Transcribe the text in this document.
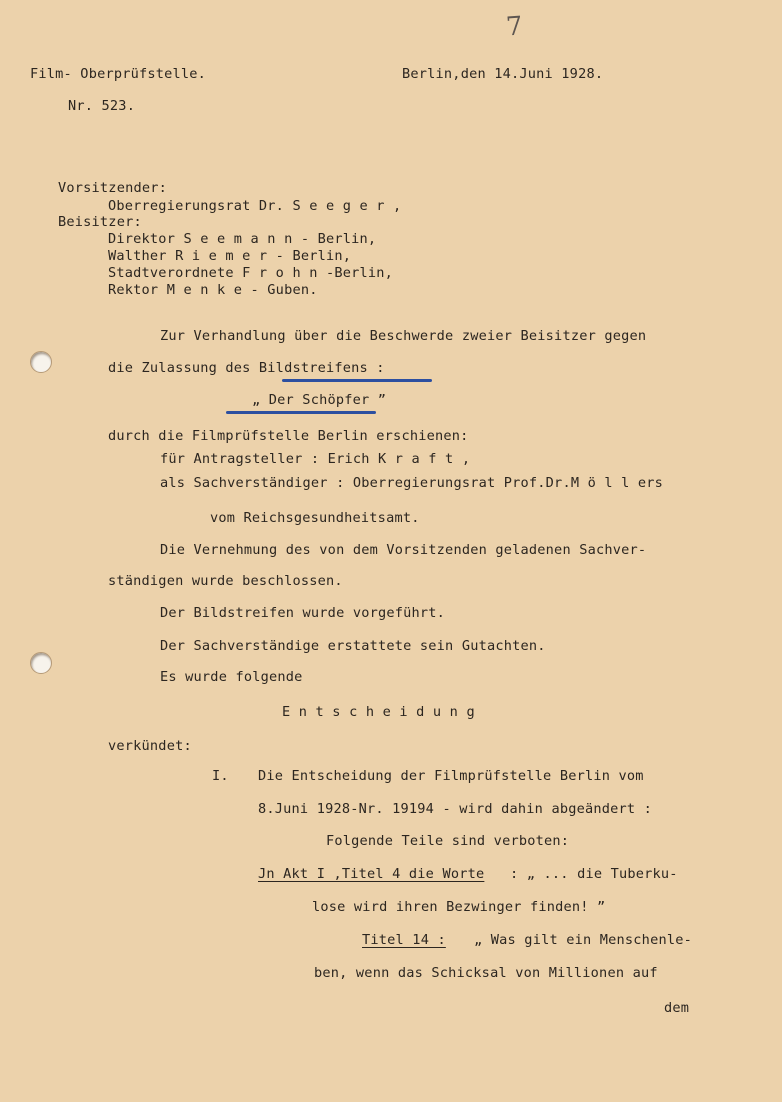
7
Film- Oberprüfstelle.	Berlin,den 14.Juni 1928.
Nr. 523.
Vorsitzender:
Oberregierungsrat Dr. S e e g e r ,
Beisitzer:
Direktor S e e m a n n - Berlin,
Walther R i e m e r - Berlin,
Stadtverordnete F r o h n -Berlin,
Rektor M e n k e - Guben.
Zur Verhandlung über die Beschwerde zweier Beisitzer gegen
die Zulassung des Bildstreifens :
„ Der Schöpfer ”
durch die Filmprüfstelle Berlin erschienen:
für Antragsteller : Erich K r a f t ,
als Sachverständiger : Oberregierungsrat Prof.Dr.M ö l l ers
vom Reichsgesundheitsamt.
Die Vernehmung des von dem Vorsitzenden geladenen Sachver-
ständigen wurde beschlossen.
Der Bildstreifen wurde vorgeführt.
Der Sachverständige erstattete sein Gutachten.
Es wurde folgende
E n t s c h e i d u n g
verkündet:
I. Die Entscheidung der Filmprüfstelle Berlin vom
8.Juni 1928-Nr. 19194 - wird dahin abgeändert :
Folgende Teile sind verboten:
Jn Akt I ,Titel 4 die Worte : „ ... die Tuberku-
lose wird ihren Bezwinger finden! ”
Titel 14 : „ Was gilt ein Menschenle-
ben, wenn das Schicksal von Millionen auf
dem
